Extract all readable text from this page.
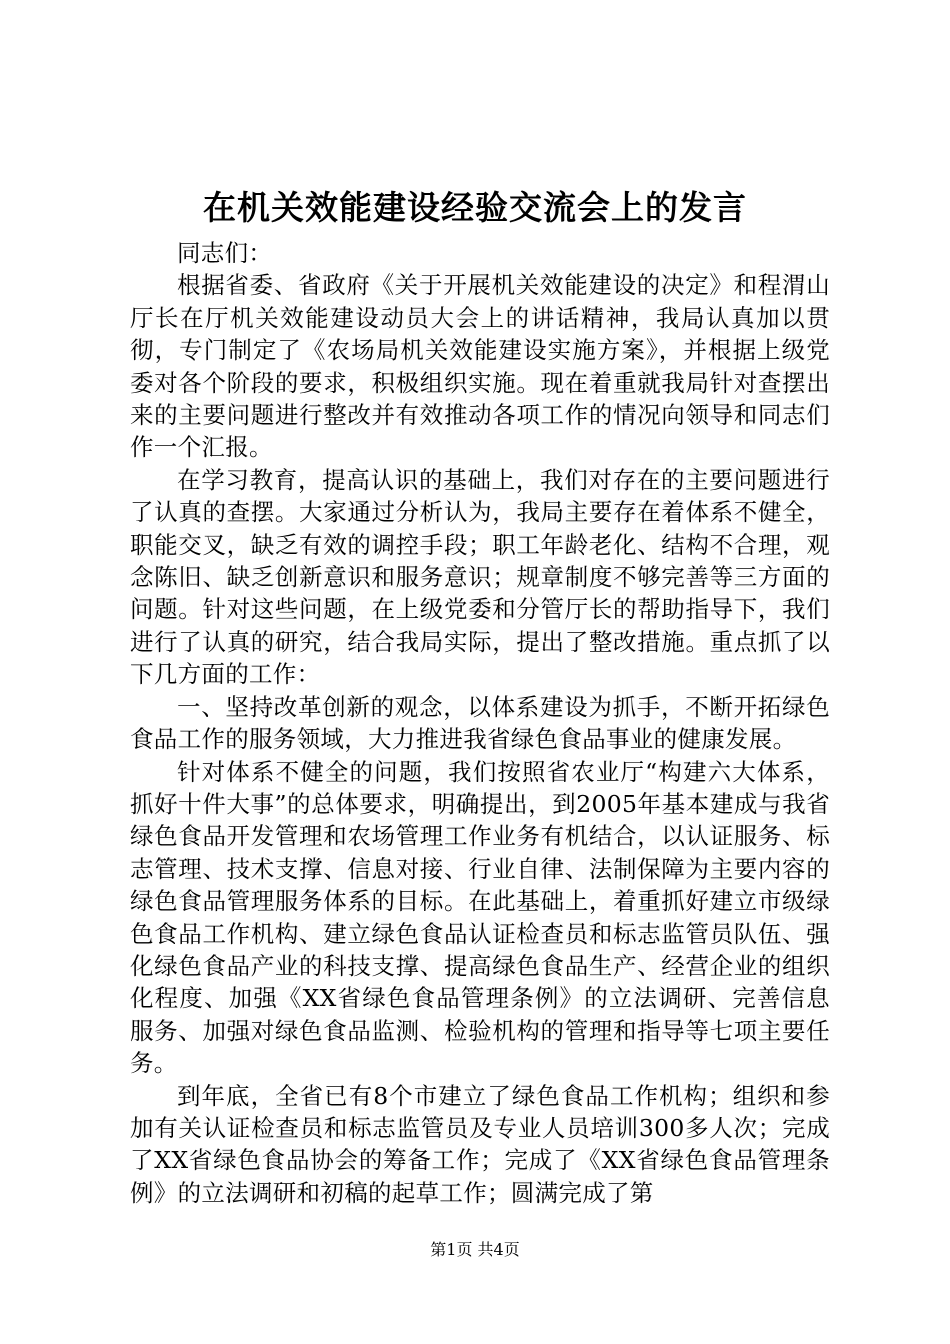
在机关效能建设经验交流会上的发言

同志们：

根据省委、省政府《关于开展机关效能建设的决定》和程渭山厅长在厅机关效能建设动员大会上的讲话精神，我局认真加以贯彻，专门制定了《农场局机关效能建设实施方案》，并根据上级党委对各个阶段的要求，积极组织实施。现在着重就我局针对查摆出来的主要问题进行整改并有效推动各项工作的情况向领导和同志们作一个汇报。

在学习教育，提高认识的基础上，我们对存在的主要问题进行了认真的查摆。大家通过分析认为，我局主要存在着体系不健全，职能交叉，缺乏有效的调控手段；职工年龄老化、结构不合理，观念陈旧、缺乏创新意识和服务意识；规章制度不够完善等三方面的问题。针对这些问题，在上级党委和分管厅长的帮助指导下，我们进行了认真的研究，结合我局实际，提出了整改措施。重点抓了以下几方面的工作：

一、坚持改革创新的观念，以体系建设为抓手，不断开拓绿色食品工作的服务领域，大力推进我省绿色食品事业的健康发展。

针对体系不健全的问题，我们按照省农业厅“构建六大体系，抓好十件大事”的总体要求，明确提出，到2005年基本建成与我省绿色食品开发管理和农场管理工作业务有机结合，以认证服务、标志管理、技术支撑、信息对接、行业自律、法制保障为主要内容的绿色食品管理服务体系的目标。在此基础上，着重抓好建立市级绿色食品工作机构、建立绿色食品认证检查员和标志监管员队伍、强化绿色食品产业的科技支撑、提高绿色食品生产、经营企业的组织化程度、加强《XX省绿色食品管理条例》的立法调研、完善信息服务、加强对绿色食品监测、检验机构的管理和指导等七项主要任务。

到年底，全省已有8个市建立了绿色食品工作机构；组织和参加有关认证检查员和标志监管员及专业人员培训300多人次；完成了XX省绿色食品协会的筹备工作；完成了《XX省绿色食品管理条例》的立法调研和初稿的起草工作；圆满完成了第

第1页 共4页
